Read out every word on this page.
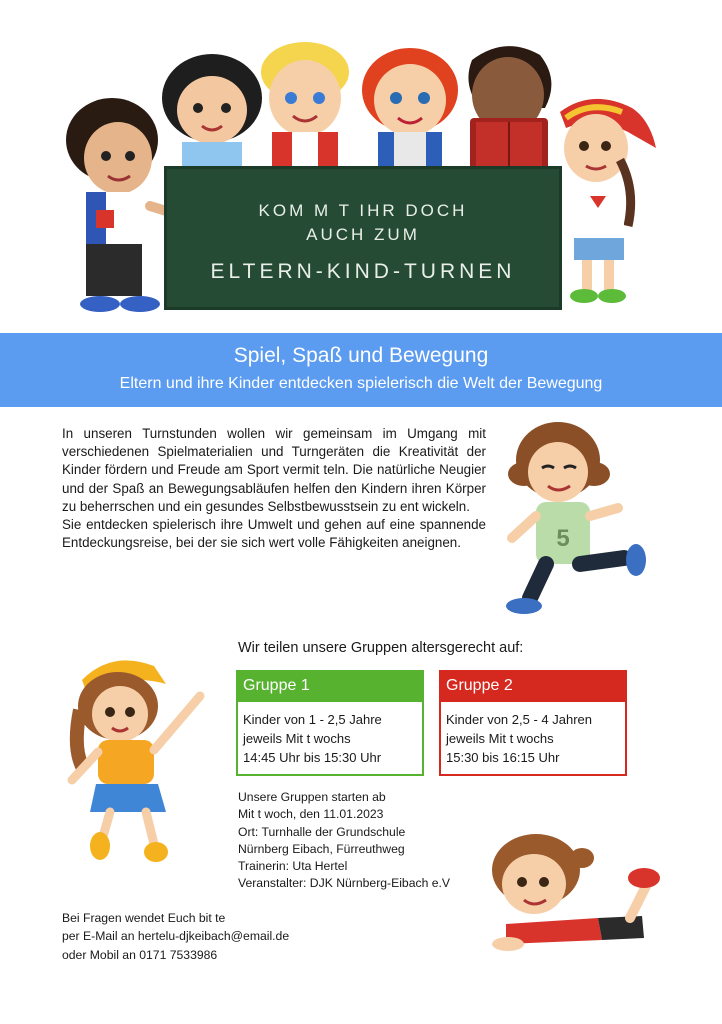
KOM M T IHR DOCH
AUCH ZUM
ELTERN-KIND-TURNEN
Spiel, Spaß und Bewegung
Eltern und ihre Kinder entdecken spielerisch die Welt der Bewegung

In unseren Turnstunden wollen wir gemeinsam im Umgang mit verschiedenen Spielmaterialien und Turngeräten die Kreativität der Kinder fördern und Freude am Sport vermit teln. Die natürliche Neugier und der Spaß an Bewegungsabläufen helfen den Kindern ihren Körper zu beherrschen und ein gesundes Selbstbewusstsein zu ent wickeln.

Sie entdecken spielerisch ihre Umwelt und gehen auf eine spannende Entdeckungsreise, bei der sie sich wert volle Fähigkeiten aneignen.	5
Wir teilen unsere Gruppen altersgerecht auf:
Gruppe 1
Kinder von 1 - 2,5 Jahre
jeweils Mit t wochs
14:45 Uhr bis 15:30 Uhr
Gruppe 2
Kinder von 2,5 - 4 Jahren
jeweils Mit t wochs
15:30 bis 16:15 Uhr
Unsere Gruppen starten ab
Mit t woch, den 11.01.2023
Ort: Turnhalle der Grundschule
Nürnberg Eibach, Fürreuthweg
Trainerin: Uta Hertel
Veranstalter: DJK Nürnberg-Eibach e.V
Bei Fragen wendet Euch bit te
per E-Mail an hertelu-djkeibach@email.de
oder Mobil an 0171 7533986
